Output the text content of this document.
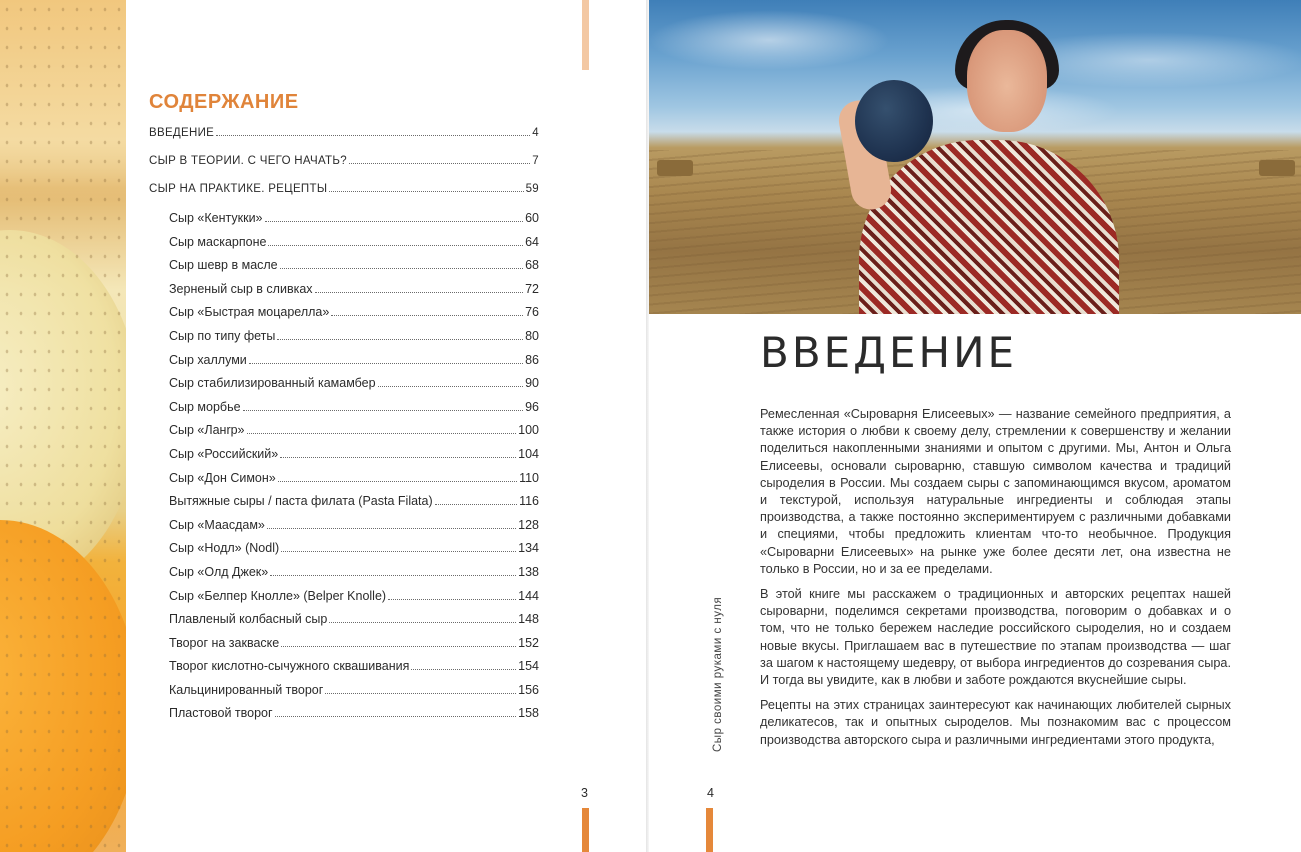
СОДЕРЖАНИЕ
ВВЕДЕНИЕ	4
СЫР В ТЕОРИИ. С ЧЕГО НАЧАТЬ?	7
СЫР НА ПРАКТИКЕ. РЕЦЕПТЫ	59
Сыр «Кентукки»	60
Сыр маскарпоне	64
Сыр шевр в масле	68
Зерненый сыр в сливках	72
Сыр «Быстрая моцарелла»	76
Сыр по типу феты	80
Сыр халлуми	86
Сыр стабилизированный камамбер	90
Сыр морбье	96
Сыр «Ланrp»	100
Сыр «Российский»	104
Сыр «Дон Симон»	110
Вытяжные сыры / паста филата (Pasta Filata)	116
Сыр «Маасдам»	128
Сыр «Нодл» (Nodl)	134
Сыр «Олд Джек»	138
Сыр «Белпер Кнолле» (Belper Knolle)	144
Плавленый колбасный сыр	148
Творог на закваске	152
Творог кислотно-сычужного сквашивания	154
Кальцинированный творог	156
Пластовой творог	158
3
ВВЕДЕНИЕ

Ремесленная «Сыроварня Елисеевых» — название семейного предприятия, а также история о любви к своему делу, стремлении к совершенству и желании поделиться накопленными знаниями и опытом с другими. Мы, Антон и Ольга Елисеевы, основали сыроварню, ставшую символом качества и традиций сыроделия в России. Мы создаем сыры с запоминающимся вкусом, ароматом и текстурой, используя натуральные ингредиенты и соблюдая этапы производства, а также постоянно экспериментируем с различными добавками и специями, чтобы предложить клиентам что-то необычное. Продукция «Сыроварни Елисеевых» на рынке уже более десяти лет, она известна не только в России, но и за ее пределами.

В этой книге мы расскажем о традиционных и авторских рецептах нашей сыроварни, поделимся секретами производства, поговорим о добавках и о том, что не только бережем наследие российского сыроделия, но и создаем новые вкусы. Приглашаем вас в путешествие по этапам производства — шаг за шагом к настоящему шедевру, от выбора ингредиентов до созревания сыра. И тогда вы увидите, как в любви и заботе рождаются вкуснейшие сыры.

Рецепты на этих страницах заинтересуют как начинающих любителей сырных деликатесов, так и опытных сыроделов. Мы познакомим вас с процессом производства авторского сыра и различными ингредиентами этого продукта,

Сыр своими руками с нуля
4
